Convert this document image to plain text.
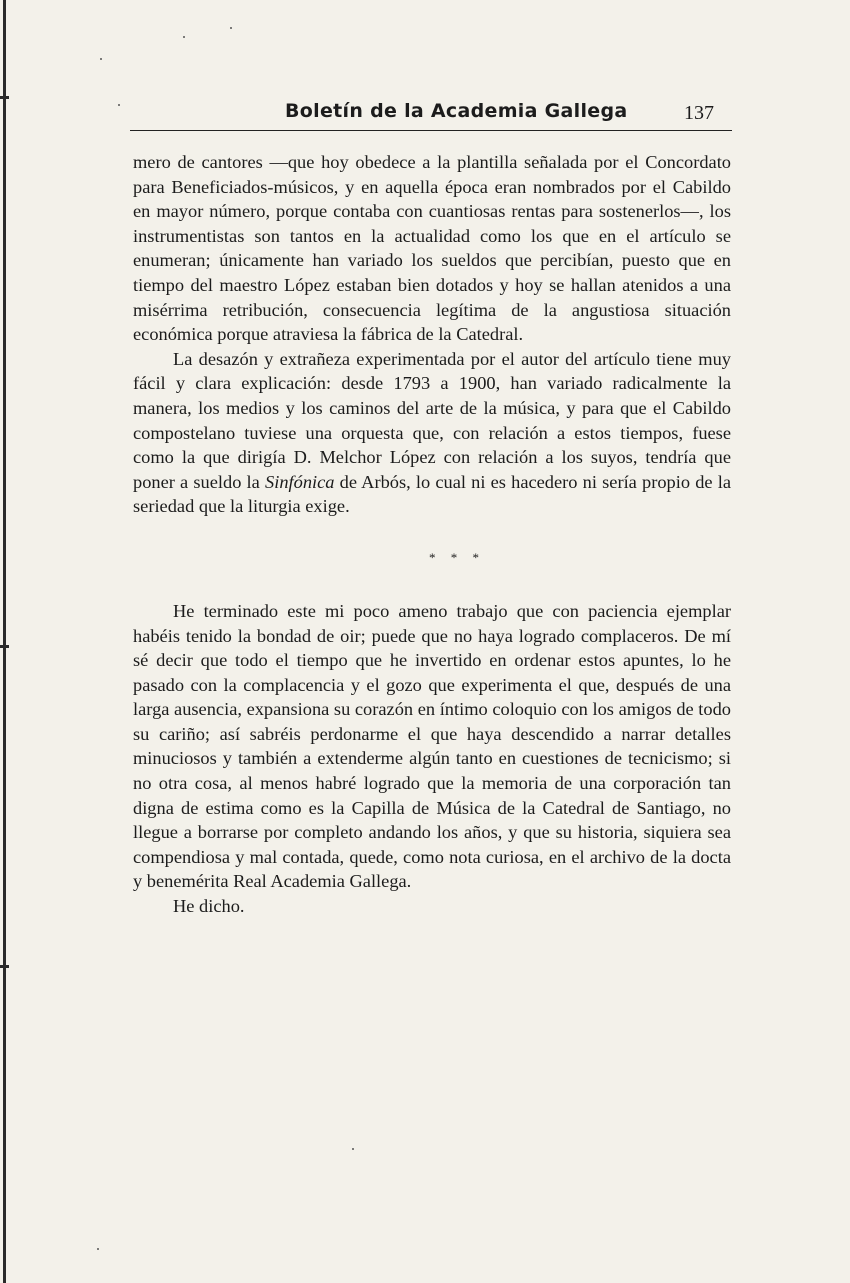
Boletín de la Academia Gallega	137

mero de cantores —que hoy obedece a la plantilla señalada por el Concordato para Beneficiados-músicos, y en aquella época eran nombrados por el Cabildo en mayor número, porque contaba con cuantiosas rentas para sostenerlos—, los instrumentistas son tantos en la actualidad como los que en el artículo se enumeran; únicamente han variado los sueldos que percibían, puesto que en tiempo del maestro López estaban bien dotados y hoy se hallan atenidos a una misérrima retribución, consecuencia legítima de la angustiosa situación económica porque atraviesa la fábrica de la Catedral.

La desazón y extrañeza experimentada por el autor del artículo tiene muy fácil y clara explicación: desde 1793 a 1900, han variado radicalmente la manera, los medios y los caminos del arte de la música, y para que el Cabildo compostelano tuviese una orquesta que, con relación a estos tiempos, fuese como la que dirigía D. Melchor López con relación a los suyos, tendría que poner a sueldo la Sinfónica de Arbós, lo cual ni es hacedero ni sería propio de la seriedad que la liturgia exige.

* * *

He terminado este mi poco ameno trabajo que con paciencia ejemplar habéis tenido la bondad de oir; puede que no haya logrado complaceros. De mí sé decir que todo el tiempo que he invertido en ordenar estos apuntes, lo he pasado con la complacencia y el gozo que experimenta el que, después de una larga ausencia, expansiona su corazón en íntimo coloquio con los amigos de todo su cariño; así sabréis perdonarme el que haya descendido a narrar detalles minuciosos y también a extenderme algún tanto en cuestiones de tecnicismo; si no otra cosa, al menos habré logrado que la memoria de una corporación tan digna de estima como es la Capilla de Música de la Catedral de Santiago, no llegue a borrarse por completo andando los años, y que su historia, siquiera sea compendiosa y mal contada, quede, como nota curiosa, en el archivo de la docta y benemérita Real Academia Gallega.

He dicho.
